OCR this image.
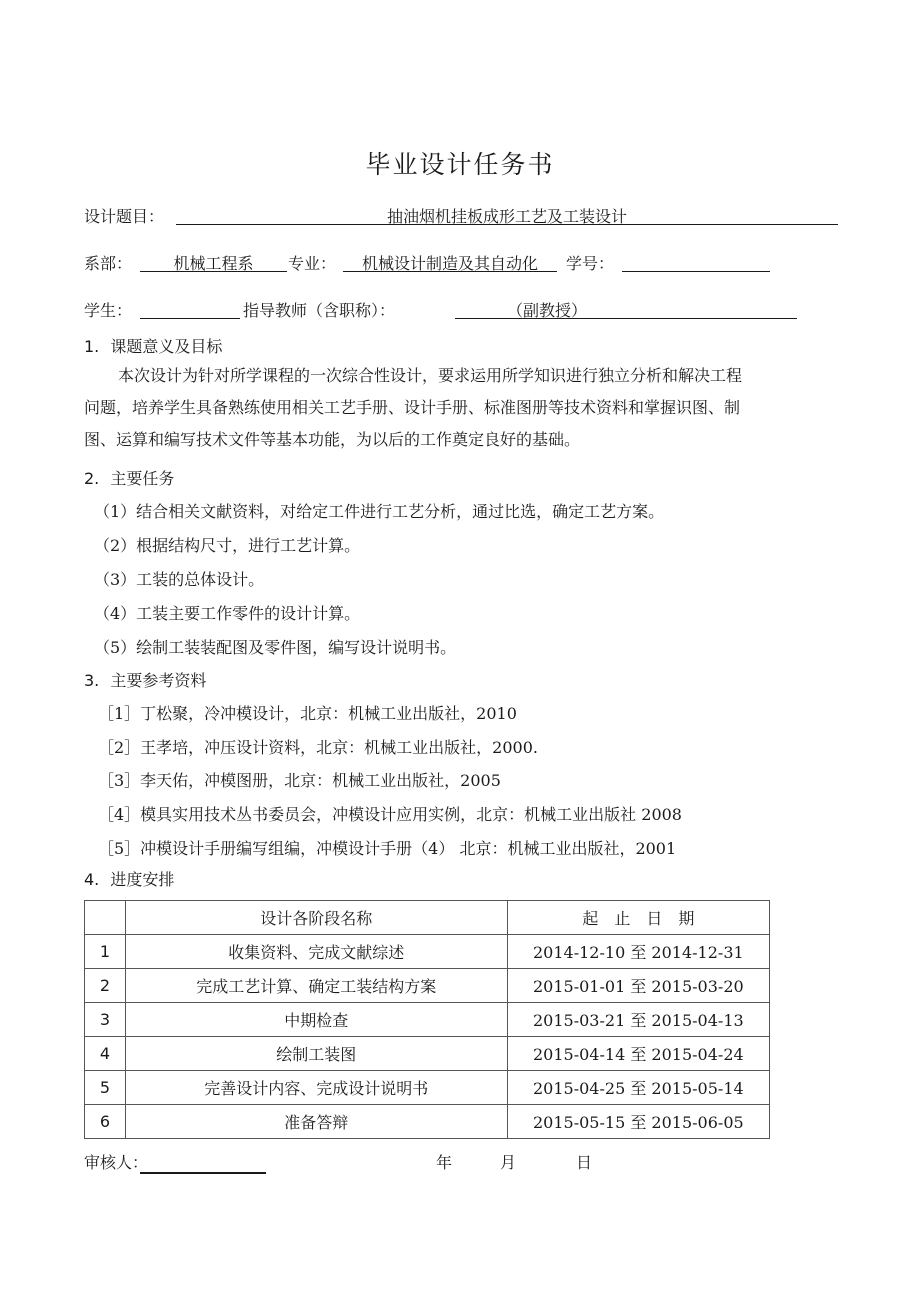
毕业设计任务书
设计题目：	抽油烟机挂板成形工艺及工装设计
系部：	机械工程系	专业：	机械设计制造及其自动化	学号：
学生：	指导教师（含职称）：	（副教授）
1. 课题意义及目标
本次设计为针对所学课程的一次综合性设计，要求运用所学知识进行独立分析和解决工程
问题，培养学生具备熟练使用相关工艺手册、设计手册、标准图册等技术资料和掌握识图、制
图、运算和编写技术文件等基本功能，为以后的工作奠定良好的基础。
2. 主要任务
（1）结合相关文献资料，对给定工件进行工艺分析，通过比选，确定工艺方案。
（2）根据结构尺寸，进行工艺计算。
（3）工装的总体设计。
（4）工装主要工作零件的设计计算。
（5）绘制工装装配图及零件图，编写设计说明书。
3. 主要参考资料
［1］丁松聚，冷冲模设计，北京：机械工业出版社，2010
［2］王孝培，冲压设计资料，北京：机械工业出版社，2000.
［3］李天佑，冲模图册，北京：机械工业出版社，2005
［4］模具实用技术丛书委员会，冲模设计应用实例，北京：机械工业出版社 2008
［5］冲模设计手册编写组编，冲模设计手册（4） 北京：机械工业出版社，2001
4. 进度安排
	设计各阶段名称	起　止　日　期
1	收集资料、完成文献综述	2014-12-10 至 2014-12-31
2	完成工艺计算、确定工装结构方案	2015-01-01 至 2015-03-20
3	中期检查	2015-03-21 至 2015-04-13
4	绘制工装图	2015-04-14 至 2015-04-24
5	完善设计内容、完成设计说明书	2015-04-25 至 2015-05-14
6	准备答辩	2015-05-15 至 2015-06-05
审核人：	年	月	日
